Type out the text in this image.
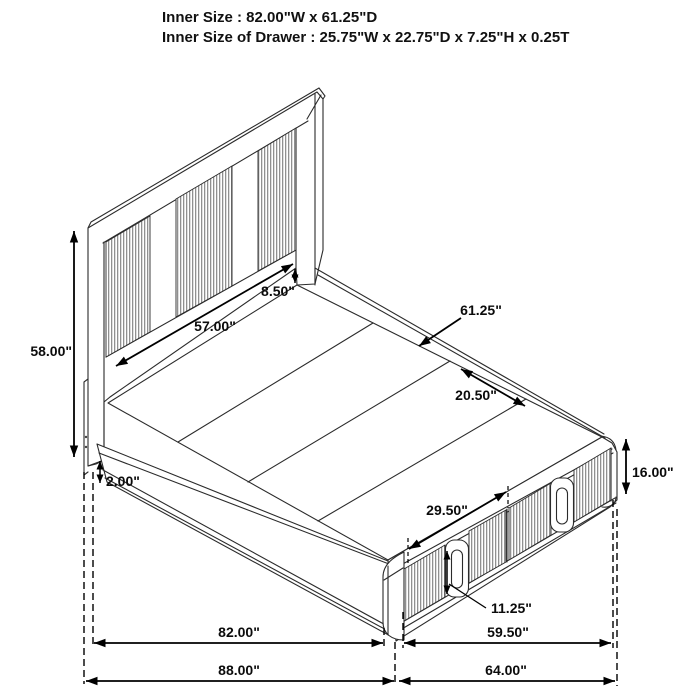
Inner Size : 82.00"W x 61.25"D
Inner Size of Drawer : 25.75"W x 22.75"D x 7.25"H x 0.25T
58.00"
57.00"
8.50"
61.25"
20.50"
2.00"
29.50"
11.25"
16.00"
82.00"	59.50"
88.00"	64.00"
